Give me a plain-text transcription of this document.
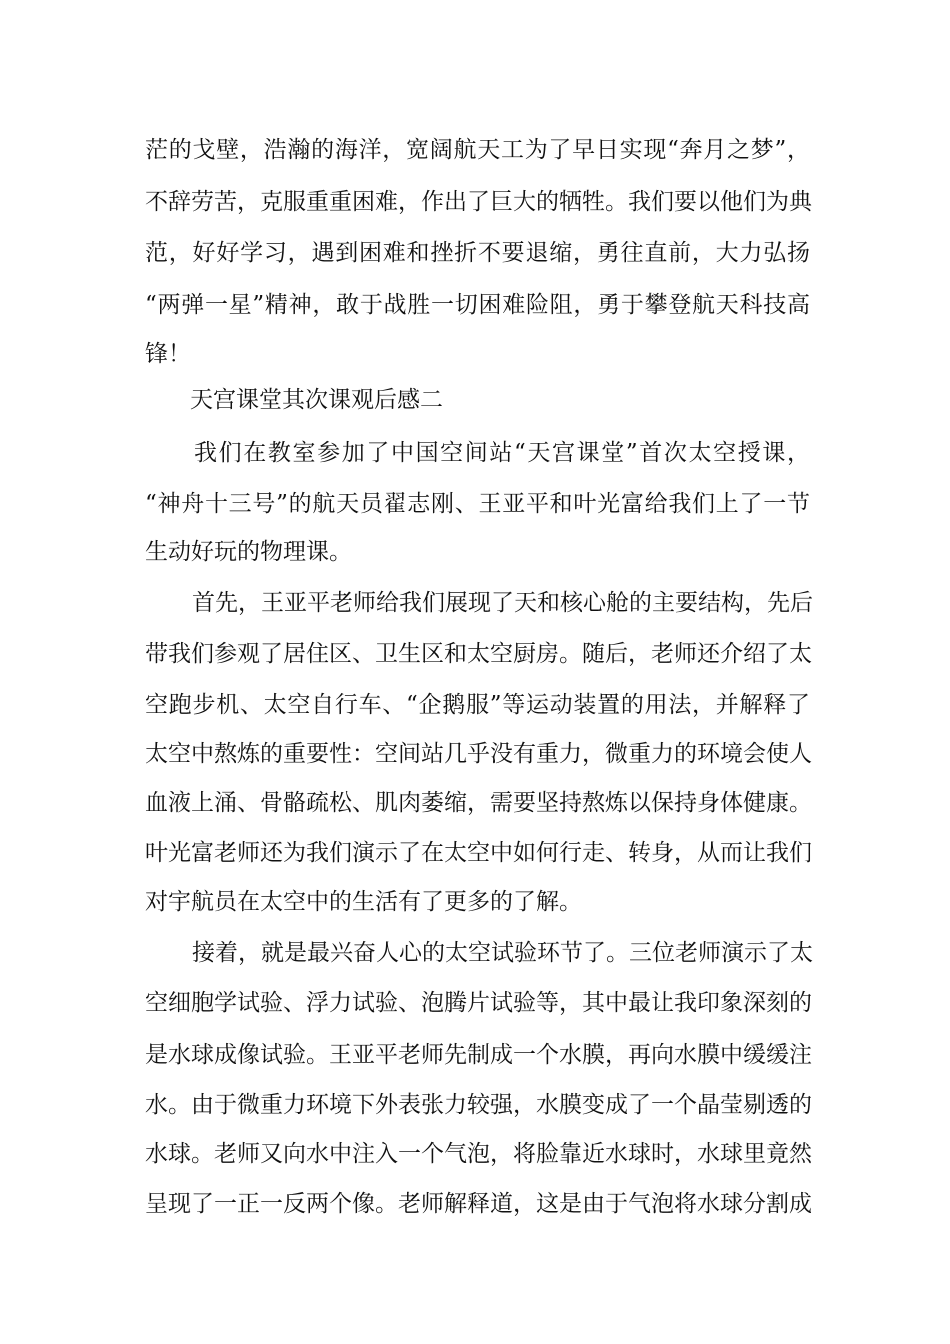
茫的戈壁，浩瀚的海洋，宽阔航天工为了早日实现“奔月之梦”，
不辞劳苦，克服重重困难，作出了巨大的牺牲。我们要以他们为典
范，好好学习，遇到困难和挫折不要退缩，勇往直前，大力弘扬
“两弹一星”精神，敢于战胜一切困难险阻，勇于攀登航天科技高
锋！
天宫课堂其次课观后感二
我们在教室参加了中国空间站“天宫课堂”首次太空授课，
“神舟十三号”的航天员翟志刚、王亚平和叶光富给我们上了一节
生动好玩的物理课。
首先，王亚平老师给我们展现了天和核心舱的主要结构，先后
带我们参观了居住区、卫生区和太空厨房。随后，老师还介绍了太
空跑步机、太空自行车、“企鹅服”等运动装置的用法，并解释了
太空中熬炼的重要性：空间站几乎没有重力，微重力的环境会使人
血液上涌、骨骼疏松、肌肉萎缩，需要坚持熬炼以保持身体健康。
叶光富老师还为我们演示了在太空中如何行走、转身，从而让我们
对宇航员在太空中的生活有了更多的了解。
接着，就是最兴奋人心的太空试验环节了。三位老师演示了太
空细胞学试验、浮力试验、泡腾片试验等，其中最让我印象深刻的
是水球成像试验。王亚平老师先制成一个水膜，再向水膜中缓缓注
水。由于微重力环境下外表张力较强，水膜变成了一个晶莹剔透的
水球。老师又向水中注入一个气泡，将脸靠近水球时，水球里竟然
呈现了一正一反两个像。老师解释道，这是由于气泡将水球分割成
